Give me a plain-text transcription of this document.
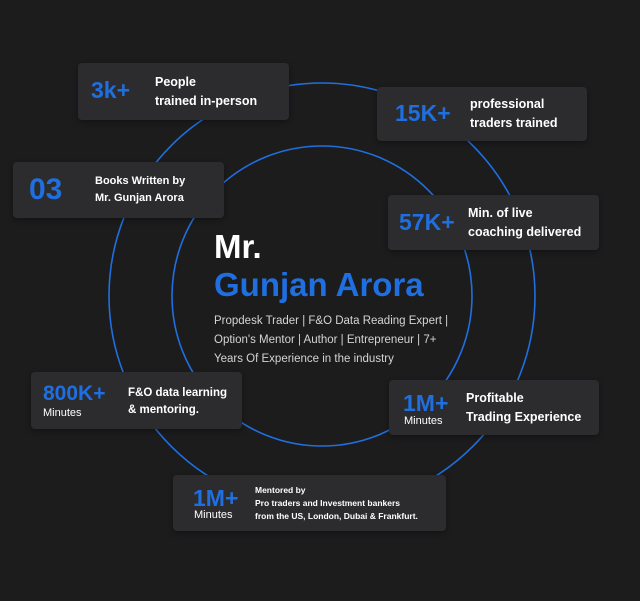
Mr.
Gunjan Arora
Propdesk Trader | F&O Data Reading Expert | Option's Mentor | Author | Entrepreneur | 7+ Years Of Experience in the industry
3k+ People
trained in-person	15K+ professional
traders trained
03	Books Written by
Mr. Gunjan Arora
57K+ Min. of live
coaching delivered
800K+
Minutes
F&O data learning
& mentoring.	1M+
Minutes
Profitable
Trading Experience
1M+
Minutes
Mentored by
Pro traders and Investment bankers
from the US, London, Dubai & Frankfurt.
